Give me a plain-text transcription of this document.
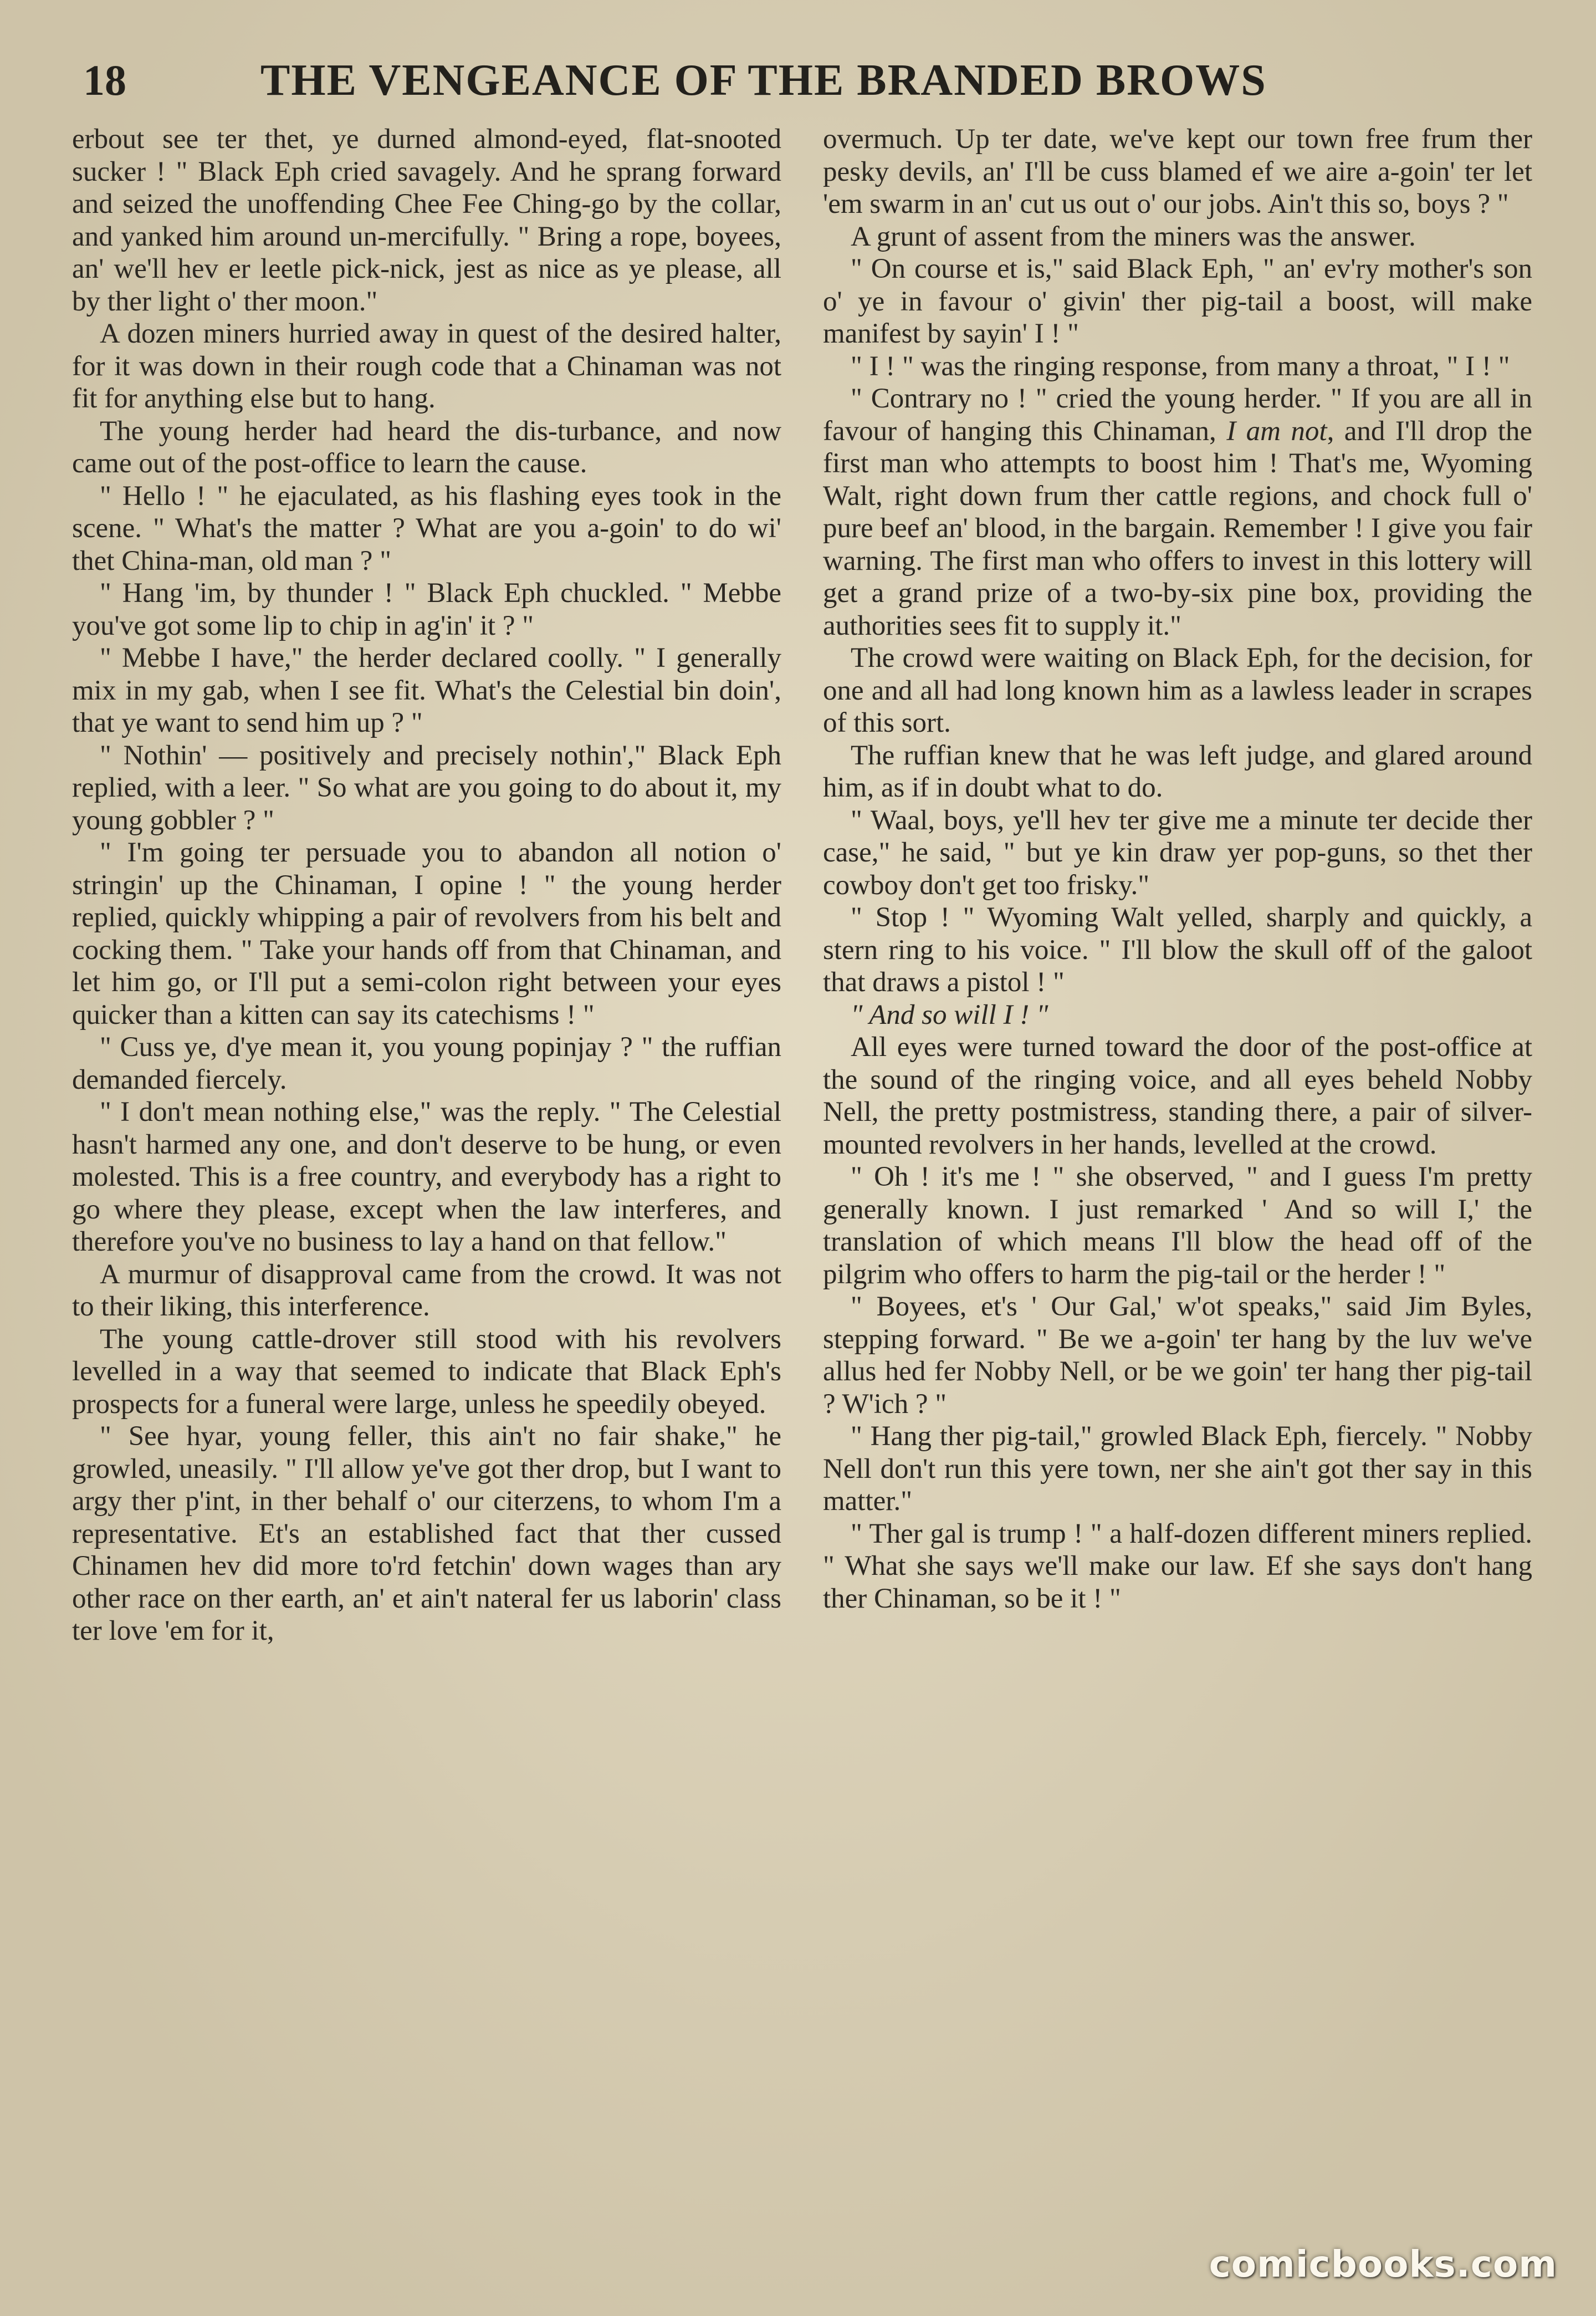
18	THE VENGEANCE OF THE BRANDED BROWS

erbout see ter thet, ye durned almond-eyed, flat-snooted sucker ! " Black Eph cried savagely. And he sprang forward and seized the unoffending Chee Fee Ching-go by the collar, and yanked him around un-mercifully. " Bring a rope, boyees, an' we'll hev er leetle pick-nick, jest as nice as ye please, all by ther light o' ther moon."

A dozen miners hurried away in quest of the desired halter, for it was down in their rough code that a Chinaman was not fit for anything else but to hang.

The young herder had heard the dis-turbance, and now came out of the post-office to learn the cause.

" Hello ! " he ejaculated, as his flashing eyes took in the scene. " What's the matter ? What are you a-goin' to do wi' thet China-man, old man ? "

" Hang 'im, by thunder ! " Black Eph chuckled. " Mebbe you've got some lip to chip in ag'in' it ? "

" Mebbe I have," the herder declared coolly. " I generally mix in my gab, when I see fit. What's the Celestial bin doin', that ye want to send him up ? "

" Nothin' — positively and precisely nothin'," Black Eph replied, with a leer. " So what are you going to do about it, my young gobbler ? "

" I'm going ter persuade you to abandon all notion o' stringin' up the Chinaman, I opine ! " the young herder replied, quickly whipping a pair of revolvers from his belt and cocking them. " Take your hands off from that Chinaman, and let him go, or I'll put a semi-colon right between your eyes quicker than a kitten can say its catechisms ! "

" Cuss ye, d'ye mean it, you young popinjay ? " the ruffian demanded fiercely.

" I don't mean nothing else," was the reply. " The Celestial hasn't harmed any one, and don't deserve to be hung, or even molested. This is a free country, and everybody has a right to go where they please, except when the law interferes, and therefore you've no business to lay a hand on that fellow."

A murmur of disapproval came from the crowd. It was not to their liking, this interference.

The young cattle-drover still stood with his revolvers levelled in a way that seemed to indicate that Black Eph's prospects for a funeral were large, unless he speedily obeyed.

" See hyar, young feller, this ain't no fair shake," he growled, uneasily. " I'll allow ye've got ther drop, but I want to argy ther p'int, in ther behalf o' our citerzens, to whom I'm a representative. Et's an established fact that ther cussed Chinamen hev did more to'rd fetchin' down wages than ary other race on ther earth, an' et ain't nateral fer us laborin' class ter love 'em for it,

overmuch. Up ter date, we've kept our town free frum ther pesky devils, an' I'll be cuss blamed ef we aire a-goin' ter let 'em swarm in an' cut us out o' our jobs. Ain't this so, boys ? "

A grunt of assent from the miners was the answer.

" On course et is," said Black Eph, " an' ev'ry mother's son o' ye in favour o' givin' ther pig-tail a boost, will make manifest by sayin' I ! "

" I ! " was the ringing response, from many a throat, " I ! "

" Contrary no ! " cried the young herder. " If you are all in favour of hanging this Chinaman, I am not, and I'll drop the first man who attempts to boost him ! That's me, Wyoming Walt, right down frum ther cattle regions, and chock full o' pure beef an' blood, in the bargain. Remember ! I give you fair warning. The first man who offers to invest in this lottery will get a grand prize of a two-by-six pine box, providing the authorities sees fit to supply it."

The crowd were waiting on Black Eph, for the decision, for one and all had long known him as a lawless leader in scrapes of this sort.

The ruffian knew that he was left judge, and glared around him, as if in doubt what to do.

" Waal, boys, ye'll hev ter give me a minute ter decide ther case," he said, " but ye kin draw yer pop-guns, so thet ther cowboy don't get too frisky."

" Stop ! " Wyoming Walt yelled, sharply and quickly, a stern ring to his voice. " I'll blow the skull off of the galoot that draws a pistol ! "

" And so will I ! "

All eyes were turned toward the door of the post-office at the sound of the ringing voice, and all eyes beheld Nobby Nell, the pretty postmistress, standing there, a pair of silver-mounted revolvers in her hands, levelled at the crowd.

" Oh ! it's me ! " she observed, " and I guess I'm pretty generally known. I just remarked ' And so will I,' the translation of which means I'll blow the head off of the pilgrim who offers to harm the pig-tail or the herder ! "

" Boyees, et's ' Our Gal,' w'ot speaks," said Jim Byles, stepping forward. " Be we a-goin' ter hang by the luv we've allus hed fer Nobby Nell, or be we goin' ter hang ther pig-tail ? W'ich ? "

" Hang ther pig-tail," growled Black Eph, fiercely. " Nobby Nell don't run this yere town, ner she ain't got ther say in this matter."

" Ther gal is trump ! " a half-dozen different miners replied. " What she says we'll make our law. Ef she says don't hang ther Chinaman, so be it ! "

comicbooks.com
